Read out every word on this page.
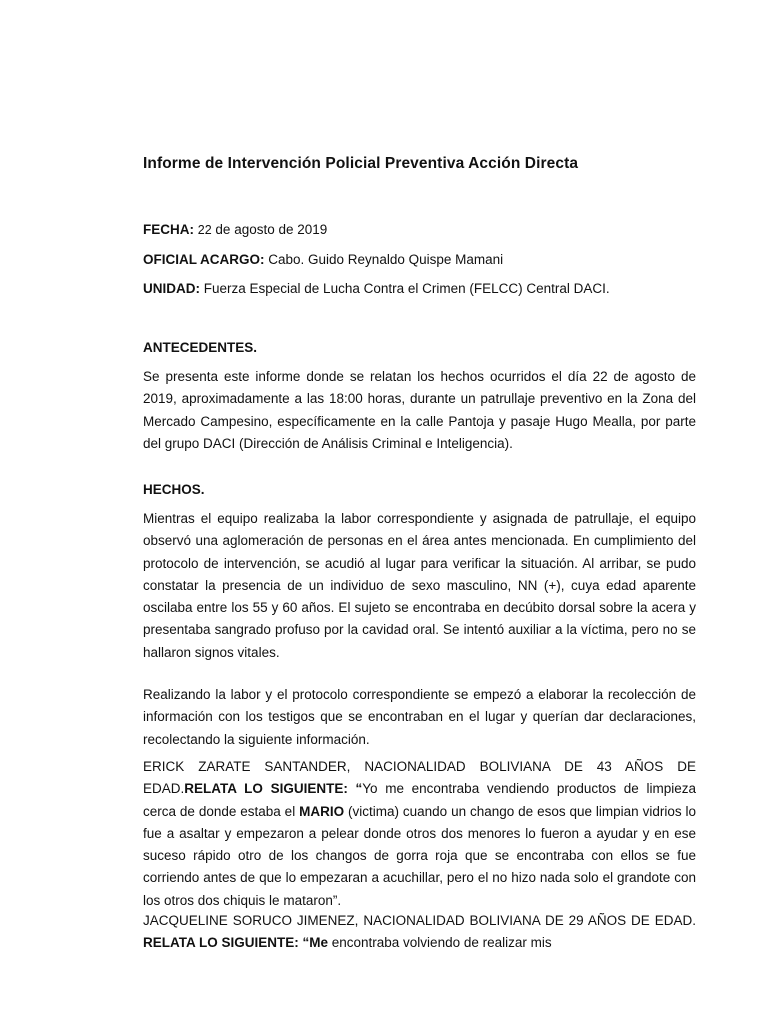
Informe de Intervención Policial Preventiva Acción Directa

FECHA: 22 de agosto de 2019

OFICIAL ACARGO: Cabo. Guido Reynaldo Quispe Mamani

UNIDAD: Fuerza Especial de Lucha Contra el Crimen (FELCC) Central DACI.

ANTECEDENTES.

Se presenta este informe donde se relatan los hechos ocurridos el día 22 de agosto de 2019, aproximadamente a las 18:00 horas, durante un patrullaje preventivo en la Zona del Mercado Campesino, específicamente en la calle Pantoja y pasaje Hugo Mealla, por parte del grupo DACI (Dirección de Análisis Criminal e Inteligencia).

HECHOS.

Mientras el equipo realizaba la labor correspondiente y asignada de patrullaje, el equipo observó una aglomeración de personas en el área antes mencionada. En cumplimiento del protocolo de intervención, se acudió al lugar para verificar la situación. Al arribar, se pudo constatar la presencia de un individuo de sexo masculino, NN (+), cuya edad aparente oscilaba entre los 55 y 60 años. El sujeto se encontraba en decúbito dorsal sobre la acera y presentaba sangrado profuso por la cavidad oral. Se intentó auxiliar a la víctima, pero no se hallaron signos vitales.

Realizando la labor y el protocolo correspondiente se empezó a elaborar la recolección de información con los testigos que se encontraban en el lugar y querían dar declaraciones, recolectando la siguiente información.

ERICK ZARATE SANTANDER, NACIONALIDAD BOLIVIANA DE 43 AÑOS DE EDAD.RELATA LO SIGUIENTE: “Yo me encontraba vendiendo productos de limpieza cerca de donde estaba el MARIO (victima) cuando un chango de esos que limpian vidrios lo fue a asaltar y empezaron a pelear donde otros dos menores lo fueron a ayudar y en ese suceso rápido otro de los changos de gorra roja que se encontraba con ellos se fue corriendo antes de que lo empezaran a acuchillar, pero el no hizo nada solo el grandote con los otros dos chiquis le mataron”.

JACQUELINE SORUCO JIMENEZ, NACIONALIDAD BOLIVIANA DE 29 AÑOS DE EDAD. RELATA LO SIGUIENTE: “Me encontraba volviendo de realizar mis
